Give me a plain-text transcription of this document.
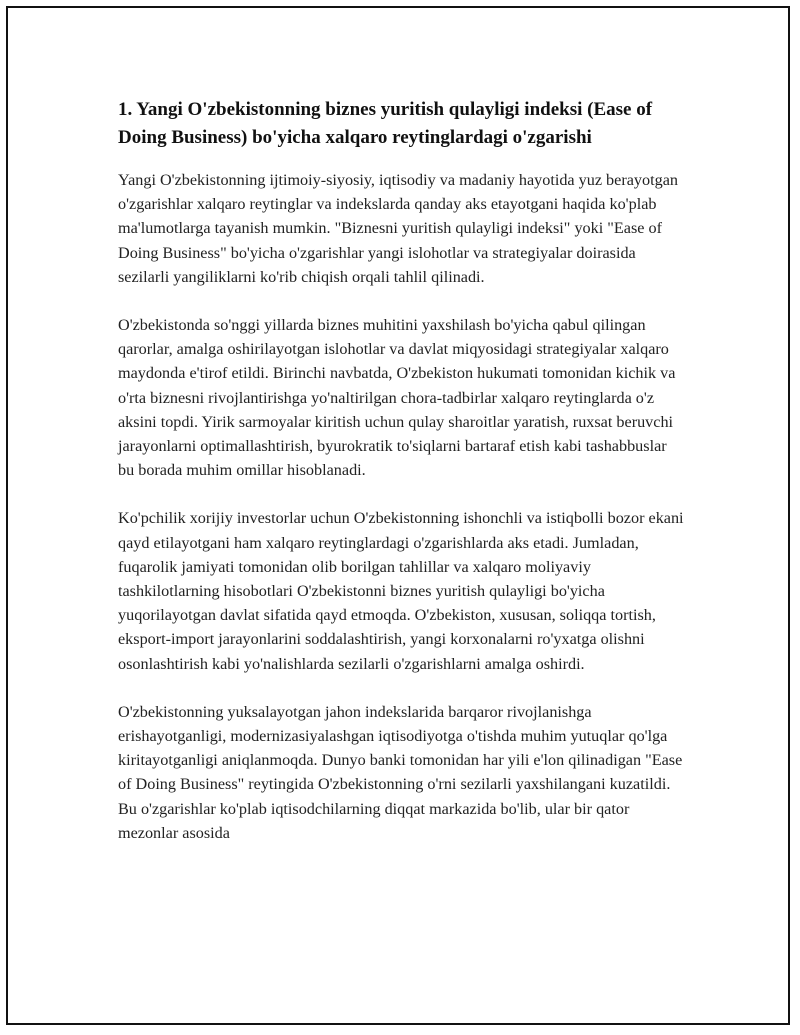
1. Yangi O'zbekistonning biznes yuritish qulayligi indeksi (Ease of Doing Business) bo'yicha xalqaro reytinglardagi o'zgarishi

Yangi O'zbekistonning ijtimoiy-siyosiy, iqtisodiy va madaniy hayotida yuz berayotgan o'zgarishlar xalqaro reytinglar va indekslarda qanday aks etayotgani haqida ko'plab ma'lumotlarga tayanish mumkin. "Biznesni yuritish qulayligi indeksi" yoki "Ease of Doing Business" bo'yicha o'zgarishlar yangi islohotlar va strategiyalar doirasida sezilarli yangiliklarni ko'rib chiqish orqali tahlil qilinadi.

O'zbekistonda so'nggi yillarda biznes muhitini yaxshilash bo'yicha qabul qilingan qarorlar, amalga oshirilayotgan islohotlar va davlat miqyosidagi strategiyalar xalqaro maydonda e'tirof etildi. Birinchi navbatda, O'zbekiston hukumati tomonidan kichik va o'rta biznesni rivojlantirishga yo'naltirilgan chora-tadbirlar xalqaro reytinglarda o'z aksini topdi. Yirik sarmoyalar kiritish uchun qulay sharoitlar yaratish, ruxsat beruvchi jarayonlarni optimallashtirish, byurokratik to'siqlarni bartaraf etish kabi tashabbuslar bu borada muhim omillar hisoblanadi.

Ko'pchilik xorijiy investorlar uchun O'zbekistonning ishonchli va istiqbolli bozor ekani qayd etilayotgani ham xalqaro reytinglardagi o'zgarishlarda aks etadi. Jumladan, fuqarolik jamiyati tomonidan olib borilgan tahlillar va xalqaro moliyaviy tashkilotlarning hisobotlari O'zbekistonni biznes yuritish qulayligi bo'yicha yuqorilayotgan davlat sifatida qayd etmoqda. O'zbekiston, xususan, soliqqa tortish, eksport-import jarayonlarini soddalashtirish, yangi korxonalarni ro'yxatga olishni osonlashtirish kabi yo'nalishlarda sezilarli o'zgarishlarni amalga oshirdi.

O'zbekistonning yuksalayotgan jahon indekslarida barqaror rivojlanishga erishayotganligi, modernizasiyalashgan iqtisodiyotga o'tishda muhim yutuqlar qo'lga kiritayotganligi aniqlanmoqda. Dunyo banki tomonidan har yili e'lon qilinadigan "Ease of Doing Business" reytingida O'zbekistonning o'rni sezilarli yaxshilangani kuzatildi. Bu o'zgarishlar ko'plab iqtisodchilarning diqqat markazida bo'lib, ular bir qator mezonlar asosida
